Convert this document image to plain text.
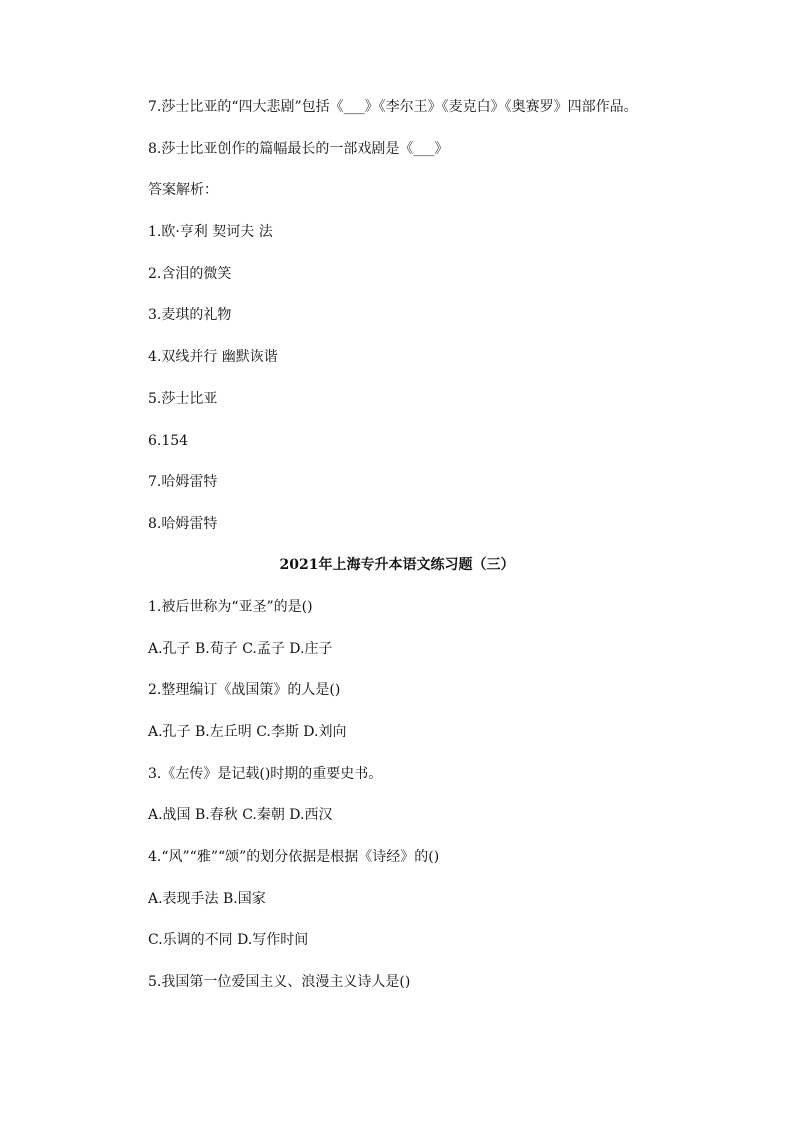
7.莎士比亚的“四大悲剧”包括《___》《李尔王》《麦克白》《奥赛罗》四部作品。
8.莎士比亚创作的篇幅最长的一部戏剧是《___》
答案解析：
1.欧·亨利 契诃夫 法
2.含泪的微笑
3.麦琪的礼物
4.双线并行 幽默诙谐
5.莎士比亚
6.154
7.哈姆雷特
8.哈姆雷特
2021年上海专升本语文练习题（三）
1.被后世称为“亚圣”的是()
A.孔子 B.荀子 C.孟子 D.庄子
2.整理编订《战国策》的人是()
A.孔子 B.左丘明 C.李斯 D.刘向
3.《左传》是记载()时期的重要史书。
A.战国 B.春秋 C.秦朝 D.西汉
4.“风”“雅”“颂”的划分依据是根据《诗经》的()
A.表现手法 B.国家
C.乐调的不同 D.写作时间
5.我国第一位爱国主义、浪漫主义诗人是()
